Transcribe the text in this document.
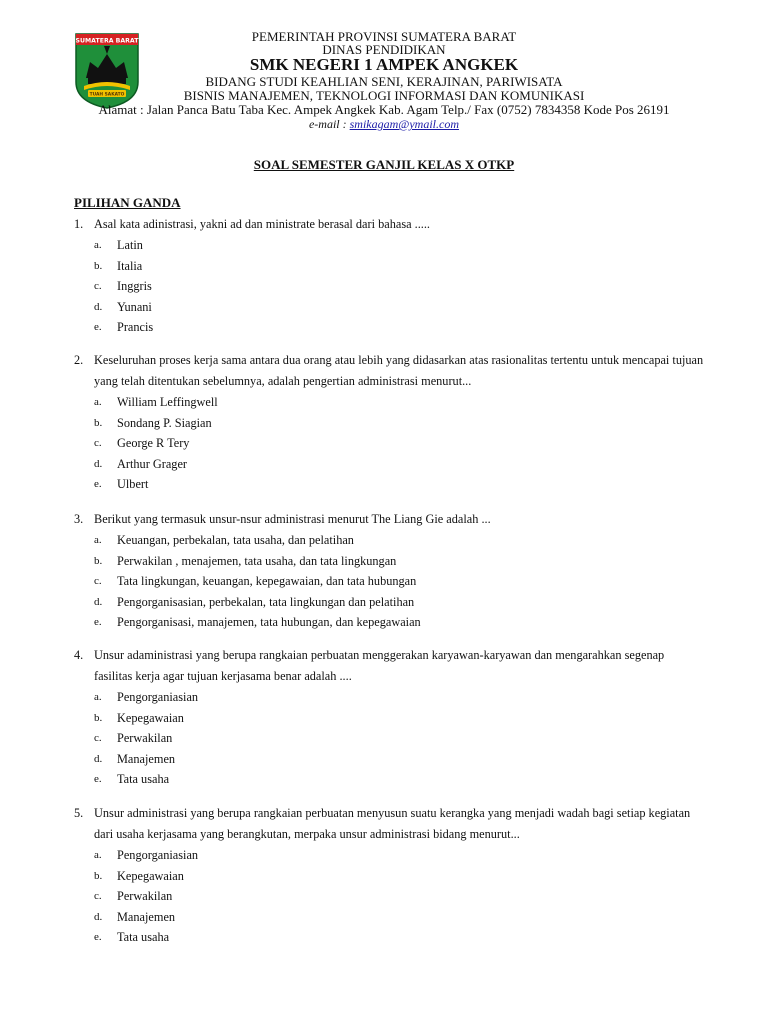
SUMATERA BARAT
TUAH SAKATO
PEMERINTAH PROVINSI SUMATERA BARAT
DINAS PENDIDIKAN
SMK NEGERI 1 AMPEK ANGKEK
BIDANG STUDI KEAHLIAN SENI, KERAJINAN, PARIWISATA
BISNIS MANAJEMEN, TEKNOLOGI INFORMASI DAN KOMUNIKASI
Alamat : Jalan Panca Batu Taba Kec. Ampek Angkek Kab. Agam Telp./ Fax (0752) 7834358 Kode Pos 26191
e-mail : smikagam@ymail.com
SOAL SEMESTER GANJIL KELAS X OTKP
PILIHAN GANDA
1. Asal kata adinistrasi, yakni ad dan ministrate berasal dari bahasa .....
a. Latin
b. Italia
c. Inggris
d. Yunani
e. Prancis
2. Keseluruhan proses kerja sama antara dua orang atau lebih yang didasarkan atas rasionalitas tertentu untuk mencapai tujuan yang telah ditentukan sebelumnya, adalah pengertian administrasi menurut...
a. William Leffingwell
b. Sondang P. Siagian
c. George R Tery
d. Arthur Grager
e. Ulbert
3. Berikut yang termasuk unsur-nsur administrasi menurut The Liang Gie adalah ...
a. Keuangan, perbekalan, tata usaha, dan pelatihan
b. Perwakilan , menajemen, tata usaha, dan tata lingkungan
c. Tata lingkungan, keuangan, kepegawaian, dan tata hubungan
d. Pengorganisasian, perbekalan, tata lingkungan dan pelatihan
e. Pengorganisasi, manajemen, tata hubungan, dan kepegawaian
4. Unsur adaministrasi yang berupa rangkaian perbuatan menggerakan karyawan-karyawan dan mengarahkan segenap fasilitas kerja agar tujuan kerjasama benar adalah ....
a. Pengorganiasian
b. Kepegawaian
c. Perwakilan
d. Manajemen
e. Tata usaha
5. Unsur administrasi yang berupa rangkaian perbuatan menyusun suatu kerangka yang menjadi wadah bagi setiap kegiatan dari usaha kerjasama yang berangkutan, merpaka unsur administrasi bidang menurut...
a. Pengorganiasian
b. Kepegawaian
c. Perwakilan
d. Manajemen
e. Tata usaha
